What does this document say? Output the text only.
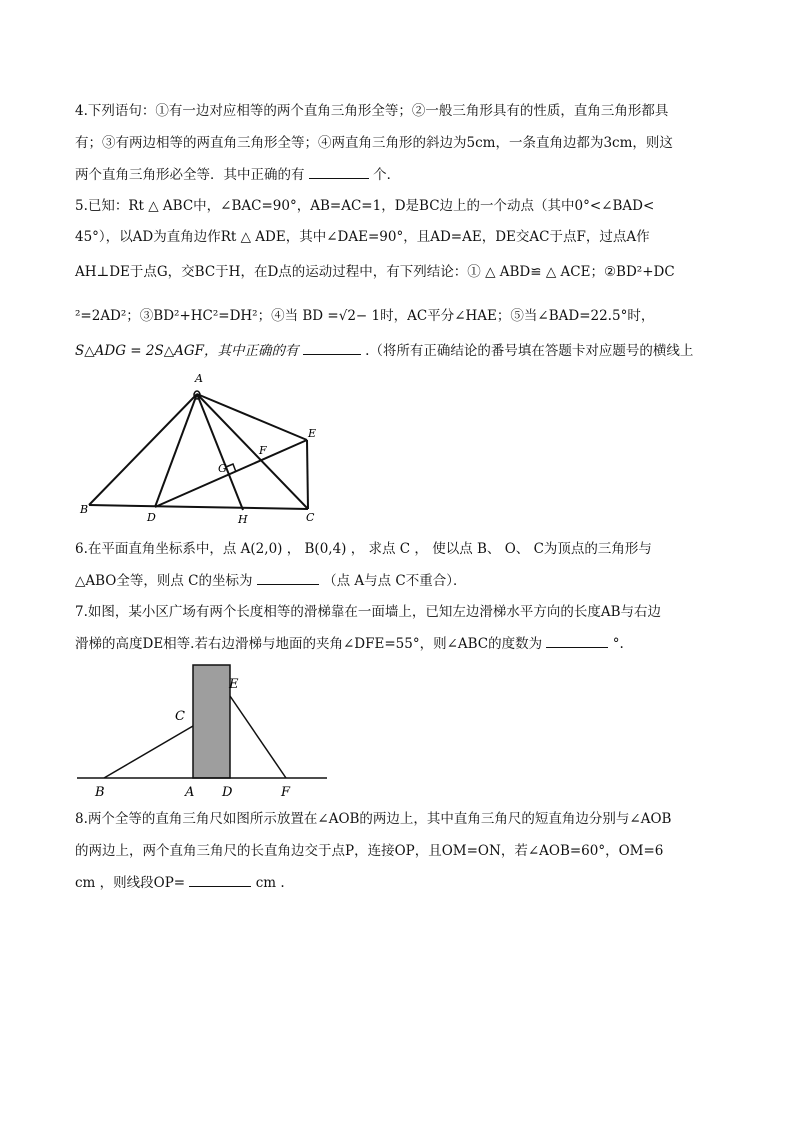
4.下列语句：①有一边对应相等的两个直角三角形全等；②一般三角形具有的性质，直角三角形都具
有；③有两边相等的两直角三角形全等；④两直角三角形的斜边为5cm，一条直角边都为3cm，则这
两个直角三角形必全等．其中正确的有	个．
5.已知：Rt △ ABC中，∠BAC=90°，AB=AC=1，D是BC边上的一个动点（其中0°<∠BAD<
45°），以AD为直角边作Rt △ ADE，其中∠DAE=90°，且AD=AE，DE交AC于点F，过点A作
AH⊥DE于点G，交BC于H，在D点的运动过程中，有下列结论：① △ ABD≌ △ ACE；②BD²+DC
²=2AD²；③BD²+HC²=DH²；④当 BD =√2− 1时，AC平分∠HAE；⑤当∠BAD=22.5°时，
S△ADG = 2S△AGF，其中正确的有	.（将所有正确结论的番号填在答题卡对应题号的横线上
A
B
C
D
E
F
G
H
6.在平面直角坐标系中，点 A(2,0) ， B(0,4) ， 求点 C ， 使以点 B、 O、 C为顶点的三角形与
△ABO全等，则点 C的坐标为	（点 A与点 C不重合）．
7.如图，某小区广场有两个长度相等的滑梯靠在一面墙上，已知左边滑梯水平方向的长度AB与右边
滑梯的高度DE相等.若右边滑梯与地面的夹角∠DFE=55°，则∠ABC的度数为	°.
C
E
B	A D	F
8.两个全等的直角三角尺如图所示放置在∠AOB的两边上，其中直角三角尺的短直角边分别与∠AOB
的两边上，两个直角三角尺的长直角边交于点P，连接OP，且OM=ON，若∠AOB=60°，OM=6
cm ，则线段OP=	cm .
